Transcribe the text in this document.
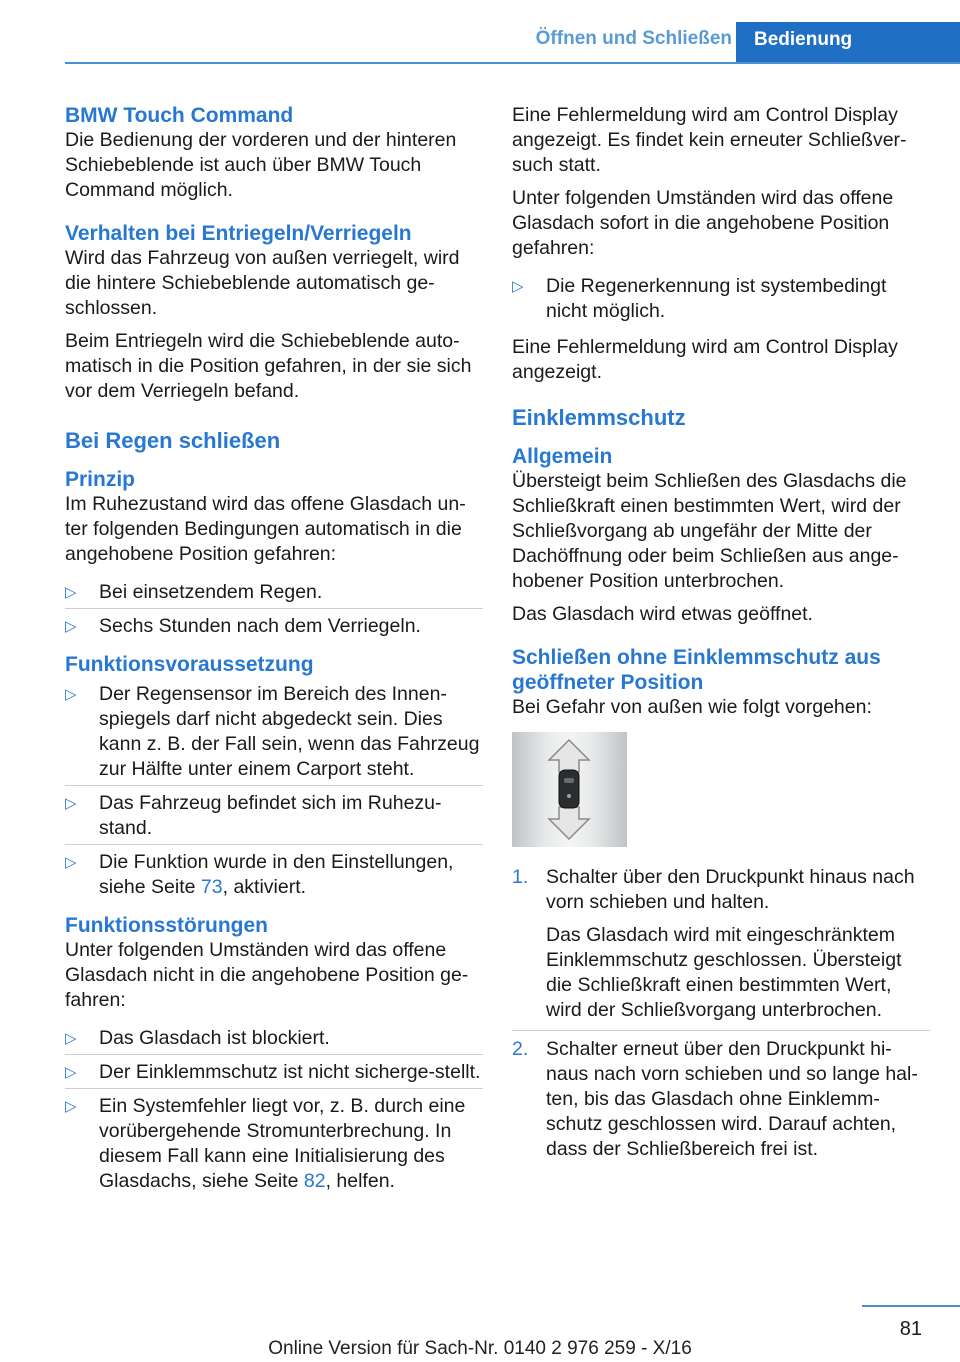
Öffnen und Schließen	Bedienung
BMW Touch Command

Die Bedienung der vorderen und der hinteren Schiebeblende ist auch über BMW Touch Command möglich.

Verhalten bei Entriegeln/Verriegeln

Wird das Fahrzeug von außen verriegelt, wird die hintere Schiebeblende automatisch ge-schlossen.

Beim Entriegeln wird die Schiebeblende auto-matisch in die Position gefahren, in der sie sich vor dem Verriegeln befand.

Bei Regen schließen
Prinzip

Im Ruhezustand wird das offene Glasdach un-ter folgenden Bedingungen automatisch in die angehobene Position gefahren:

▷ Bei einsetzendem Regen.
▷ Sechs Stunden nach dem Verriegeln.
Funktionsvoraussetzung
▷ Der Regensensor im Bereich des Innen-spiegels darf nicht abgedeckt sein. Dies kann z. B. der Fall sein, wenn das Fahrzeug zur Hälfte unter einem Carport steht.
▷ Das Fahrzeug befindet sich im Ruhezu-stand.
▷ Die Funktion wurde in den Einstellungen, siehe Seite 73, aktiviert.
Funktionsstörungen

Unter folgenden Umständen wird das offene Glasdach nicht in die angehobene Position ge-fahren:

▷ Das Glasdach ist blockiert.
▷ Der Einklemmschutz ist nicht sicherge-stellt.
▷ Ein Systemfehler liegt vor, z. B. durch eine vorübergehende Stromunterbrechung. In diesem Fall kann eine Initialisierung des Glasdachs, siehe Seite 82, helfen.

Eine Fehlermeldung wird am Control Display angezeigt. Es findet kein erneuter Schließver-such statt.

Unter folgenden Umständen wird das offene Glasdach sofort in die angehobene Position gefahren:

▷ Die Regenerkennung ist systembedingt nicht möglich.

Eine Fehlermeldung wird am Control Display angezeigt.

Einklemmschutz
Allgemein

Übersteigt beim Schließen des Glasdachs die Schließkraft einen bestimmten Wert, wird der Schließvorgang ab ungefähr der Mitte der Dachöffnung oder beim Schließen aus ange-hobener Position unterbrochen.

Das Glasdach wird etwas geöffnet.

Schließen ohne Einklemmschutz aus geöffneter Position

Bei Gefahr von außen wie folgt vorgehen:

1. Schalter über den Druckpunkt hinaus nach vorn schieben und halten.

Das Glasdach wird mit eingeschränktem Einklemmschutz geschlossen. Übersteigt die Schließkraft einen bestimmten Wert, wird der Schließvorgang unterbrochen.

2. Schalter erneut über den Druckpunkt hi-naus nach vorn schieben und so lange hal-ten, bis das Glasdach ohne Einklemm-schutz geschlossen wird. Darauf achten, dass der Schließbereich frei ist.

81
Online Version für Sach-Nr. 0140 2 976 259 - X/16
